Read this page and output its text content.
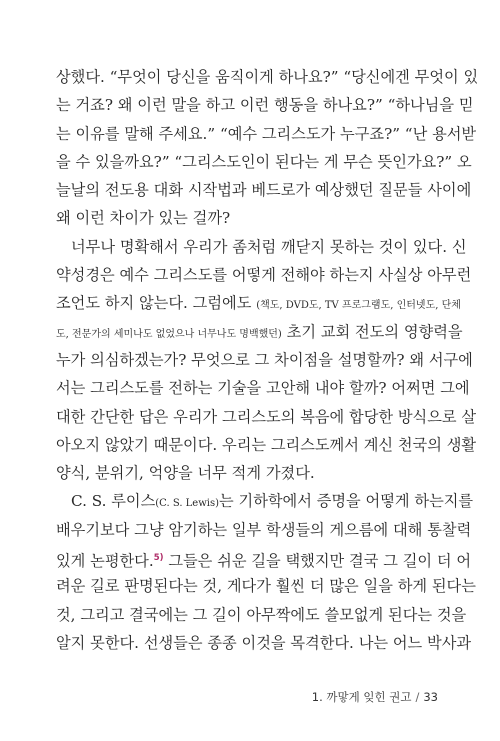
상했다. “무엇이 당신을 움직이게 하나요?” “당신에겐 무엇이 있
는 거죠? 왜 이런 말을 하고 이런 행동을 하나요?” “하나님을 믿
는 이유를 말해 주세요.” “예수 그리스도가 누구죠?” “난 용서받
을 수 있을까요?” “그리스도인이 된다는 게 무슨 뜻인가요?” 오
늘날의 전도용 대화 시작법과 베드로가 예상했던 질문들 사이에
왜 이런 차이가 있는 걸까?
너무나 명확해서 우리가 좀처럼 깨닫지 못하는 것이 있다. 신
약성경은 예수 그리스도를 어떻게 전해야 하는지 사실상 아무런
조언도 하지 않는다. 그럼에도 (책도, DVD도, TV 프로그램도, 인터넷도, 단체
도, 전문가의 세미나도 없었으나 너무나도 명백했던) 초기 교회 전도의 영향력을
누가 의심하겠는가? 무엇으로 그 차이점을 설명할까? 왜 서구에
서는 그리스도를 전하는 기술을 고안해 내야 할까? 어쩌면 그에
대한 간단한 답은 우리가 그리스도의 복음에 합당한 방식으로 살
아오지 않았기 때문이다. 우리는 그리스도께서 계신 천국의 생활
양식, 분위기, 억양을 너무 적게 가졌다.
C. S. 루이스(C. S. Lewis)는 기하학에서 증명을 어떻게 하는지를
배우기보다 그냥 암기하는 일부 학생들의 게으름에 대해 통찰력
있게 논평한다.$^{5)}$ 그들은 쉬운 길을 택했지만 결국 그 길이 더 어
려운 길로 판명된다는 것, 게다가 훨씬 더 많은 일을 하게 된다는
것, 그리고 결국에는 그 길이 아무짝에도 쓸모없게 된다는 것을
알지 못한다. 선생들은 종종 이것을 목격한다. 나는 어느 박사과
1. 까맣게 잊힌 권고 / 33
